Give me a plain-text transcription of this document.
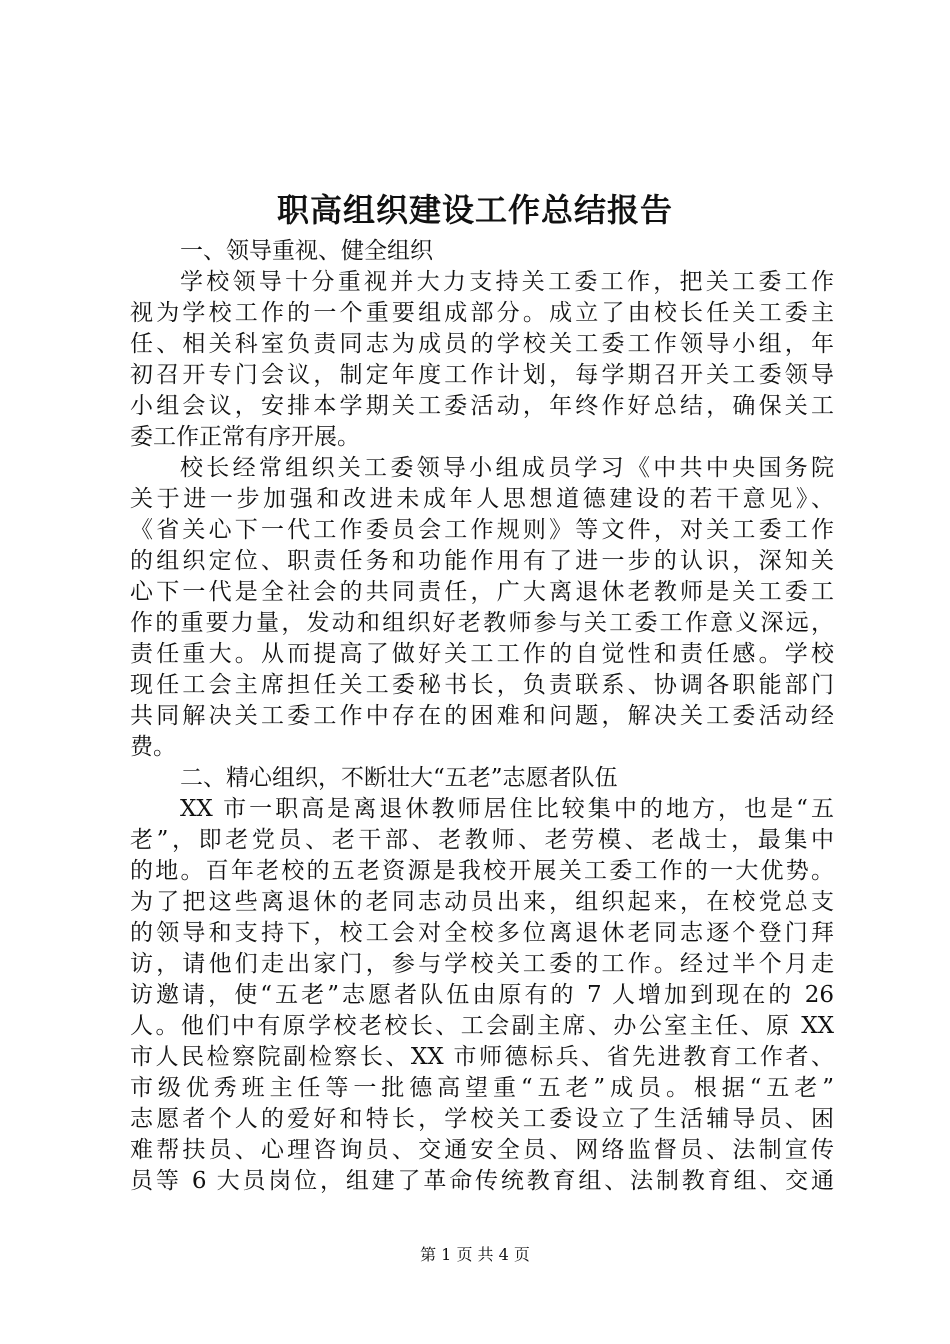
职高组织建设工作总结报告
一、领导重视、健全组织
学校领导十分重视并大力支持关工委工作，把关工委工作
视为学校工作的一个重要组成部分。成立了由校长任关工委主
任、相关科室负责同志为成员的学校关工委工作领导小组，年
初召开专门会议，制定年度工作计划，每学期召开关工委领导
小组会议，安排本学期关工委活动，年终作好总结，确保关工
委工作正常有序开展。
校长经常组织关工委领导小组成员学习《中共中央国务院
关于进一步加强和改进未成年人思想道德建设的若干意见》、
《省关心下一代工作委员会工作规则》等文件，对关工委工作
的组织定位、职责任务和功能作用有了进一步的认识，深知关
心下一代是全社会的共同责任，广大离退休老教师是关工委工
作的重要力量，发动和组织好老教师参与关工委工作意义深远，
责任重大。从而提高了做好关工工作的自觉性和责任感。学校
现任工会主席担任关工委秘书长，负责联系、协调各职能部门
共同解决关工委工作中存在的困难和问题，解决关工委活动经
费。
二、精心组织，不断壮大“五老”志愿者队伍
XX 市一职高是离退休教师居住比较集中的地方，也是“五
老”，即老党员、老干部、老教师、老劳模、老战士，最集中
的地。百年老校的五老资源是我校开展关工委工作的一大优势。
为了把这些离退休的老同志动员出来，组织起来，在校党总支
的领导和支持下，校工会对全校多位离退休老同志逐个登门拜
访，请他们走出家门，参与学校关工委的工作。经过半个月走
访邀请，使“五老”志愿者队伍由原有的 7 人增加到现在的 26
人。他们中有原学校老校长、工会副主席、办公室主任、原 XX
市人民检察院副检察长、XX 市师德标兵、省先进教育工作者、
市级优秀班主任等一批德高望重“五老”成员。根据“五老”
志愿者个人的爱好和特长，学校关工委设立了生活辅导员、困
难帮扶员、心理咨询员、交通安全员、网络监督员、法制宣传
员等 6 大员岗位，组建了革命传统教育组、法制教育组、交通
第 1 页 共 4 页
